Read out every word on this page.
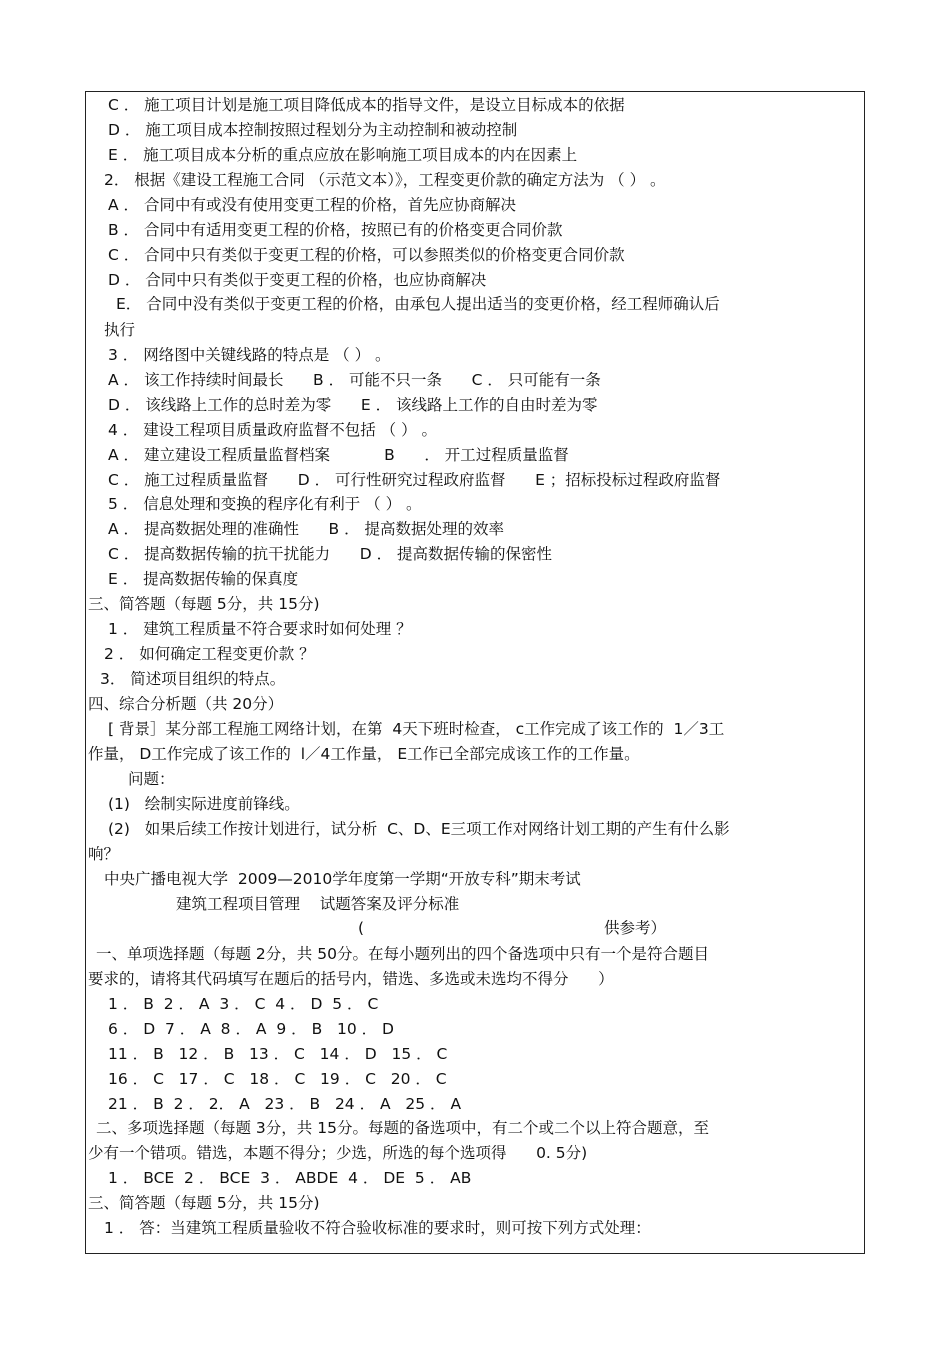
C ． 施工项目计划是施工项目降低成本的指导文件，是设立目标成本的依据
D ． 施工项目成本控制按照过程划分为主动控制和被动控制
E ． 施工项目成本分析的重点应放在影响施工项目成本的内在因素上
2． 根据《建设工程施工合同 （示范文本）》，工程变更价款的确定方法为 （ ） 。
A ． 合同中有或没有使用变更工程的价格，首先应协商解决
B ． 合同中有适用变更工程的价格，按照已有的价格变更合同价款
C ． 合同中只有类似于变更工程的价格，可以参照类似的价格变更合同价款
D ． 合同中只有类似于变更工程的价格，也应协商解决
E． 合同中没有类似于变更工程的价格，由承包人提出适当的变更价格，经工程师确认后
执行
3 ． 网络图中关键线路的特点是 （ ） 。
A ． 该工作持续时间最长      B ． 可能不只一条      C ． 只可能有一条
D ． 该线路上工作的总时差为零      E ． 该线路上工作的自由时差为零
4 ． 建设工程项目质量政府监督不包括 （ ） 。
A ． 建立建设工程质量监督档案           B      ． 开工过程质量监督
C ． 施工过程质量监督      D ． 可行性研究过程政府监督      E ；招标投标过程政府监督
5 ． 信息处理和变换的程序化有利于 （ ） 。
A ． 提高数据处理的准确性      B ． 提高数据处理的效率
C ． 提高数据传输的抗干扰能力      D ． 提高数据传输的保密性
E ． 提高数据传输的保真度
三、简答题（每题 5分，共 15分)
1 ． 建筑工程质量不符合要求时如何处理 ？
2 ． 如何确定工程变更价款 ？
3． 简述项目组织的特点。
四、综合分析题（共 20分）
[ 背景］某分部工程施工网络计划，在第  4天下班时检查， c工作完成了该工作的  1／3工
作量， D工作完成了该工作的  l／4工作量， E工作已全部完成该工作的工作量。
问题：
(1)   绘制实际进度前锋线。
(2)   如果后续工作按计划进行，试分析  C、D、E三项工作对网络计划工期的产生有什么影
响？
中央广播电视大学  2009—2010学年度第一学期“开放专科”期末考试
建筑工程项目管理    试题答案及评分标准
(	供参考）
一、单项选择题（每题 2分，共 50分。在每小题列出的四个备选项中只有一个是符合题目
要求的，请将其代码填写在题后的括号内，错选、多选或未选均不得分      ）
1 ． B  2 ． A  3 ． C  4 ． D  5 ． C
6 ． D  7 ． A  8 ． A  9 ． B   10 ． D
11 ． B   12 ． B   13 ． C   14 ． D   15 ． C
16 ． C   17 ． C   18 ． C   19 ． C   20 ． C
21 ． B  2 ． 2． A   23 ． B   24 ． A   25 ． A
二、多项选择题（每题 3分，共 15分。每题的备选项中，有二个或二个以上符合题意，至
少有一个错项。错选，本题不得分；少选，所选的每个选项得      0. 5分)
1 ． BCE  2 ． BCE  3 ． ABDE  4 ． DE  5 ． AB
三、简答题（每题 5分，共 15分)
1 ． 答：当建筑工程质量验收不符合验收标准的要求时，则可按下列方式处理：
